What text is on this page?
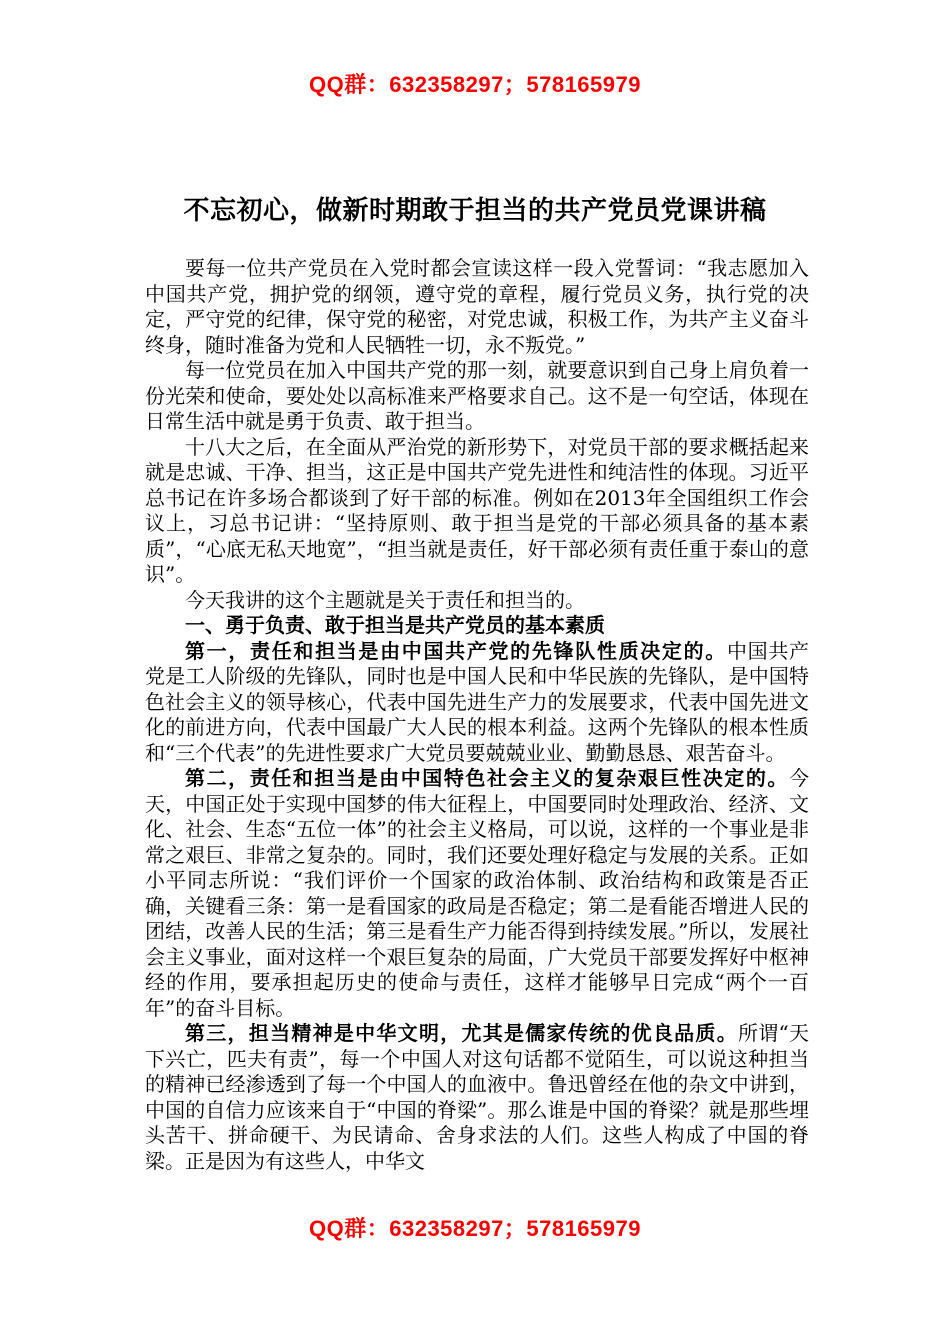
QQ群：632358297；578165979
不忘初心，做新时期敢于担当的共产党员党课讲稿

要每一位共产党员在入党时都会宣读这样一段入党誓词：“我志愿加入中国共产党，拥护党的纲领，遵守党的章程，履行党员义务，执行党的决定，严守党的纪律，保守党的秘密，对党忠诚，积极工作，为共产主义奋斗终身，随时准备为党和人民牺牲一切，永不叛党。”

每一位党员在加入中国共产党的那一刻，就要意识到自己身上肩负着一份光荣和使命，要处处以高标准来严格要求自己。这不是一句空话，体现在日常生活中就是勇于负责、敢于担当。

十八大之后，在全面从严治党的新形势下，对党员干部的要求概括起来就是忠诚、干净、担当，这正是中国共产党先进性和纯洁性的体现。习近平总书记在许多场合都谈到了好干部的标准。例如在2013年全国组织工作会议上，习总书记讲：“坚持原则、敢于担当是党的干部必须具备的基本素质”，“心底无私天地宽”，“担当就是责任，好干部必须有责任重于泰山的意识”。

今天我讲的这个主题就是关于责任和担当的。

一、勇于负责、敢于担当是共产党员的基本素质

第一，责任和担当是由中国共产党的先锋队性质决定的。中国共产党是工人阶级的先锋队，同时也是中国人民和中华民族的先锋队，是中国特色社会主义的领导核心，代表中国先进生产力的发展要求，代表中国先进文化的前进方向，代表中国最广大人民的根本利益。这两个先锋队的根本性质和“三个代表”的先进性要求广大党员要兢兢业业、勤勤恳恳、艰苦奋斗。

第二，责任和担当是由中国特色社会主义的复杂艰巨性决定的。今天，中国正处于实现中国梦的伟大征程上，中国要同时处理政治、经济、文化、社会、生态“五位一体”的社会主义格局，可以说，这样的一个事业是非常之艰巨、非常之复杂的。同时，我们还要处理好稳定与发展的关系。正如小平同志所说：“我们评价一个国家的政治体制、政治结构和政策是否正确，关键看三条：第一是看国家的政局是否稳定；第二是看能否增进人民的团结，改善人民的生活；第三是看生产力能否得到持续发展。”所以，发展社会主义事业，面对这样一个艰巨复杂的局面，广大党员干部要发挥好中枢神经的作用，要承担起历史的使命与责任，这样才能够早日完成“两个一百年”的奋斗目标。

第三，担当精神是中华文明，尤其是儒家传统的优良品质。所谓“天下兴亡，匹夫有责”，每一个中国人对这句话都不觉陌生，可以说这种担当的精神已经渗透到了每一个中国人的血液中。鲁迅曾经在他的杂文中讲到，中国的自信力应该来自于“中国的脊梁”。那么谁是中国的脊梁？就是那些埋头苦干、拼命硬干、为民请命、舍身求法的人们。这些人构成了中国的脊梁。正是因为有这些人，中华文

QQ群：632358297；578165979
